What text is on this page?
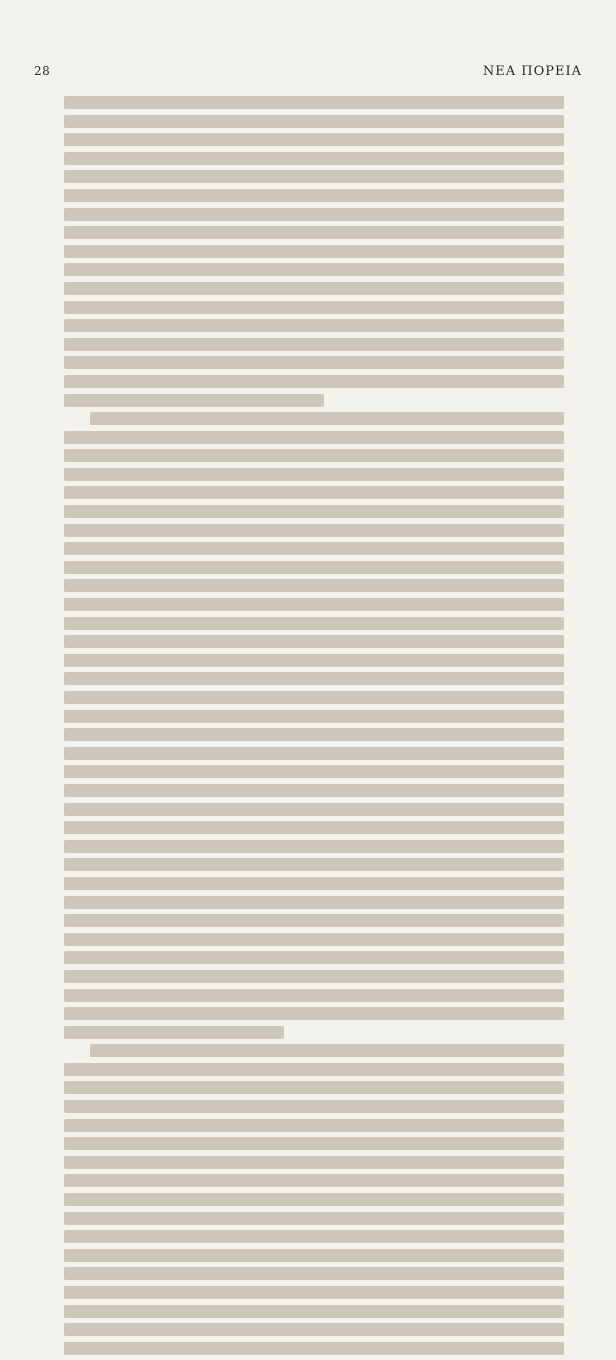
28	ΝΕΑ ΠΟΡΕΙΑ
